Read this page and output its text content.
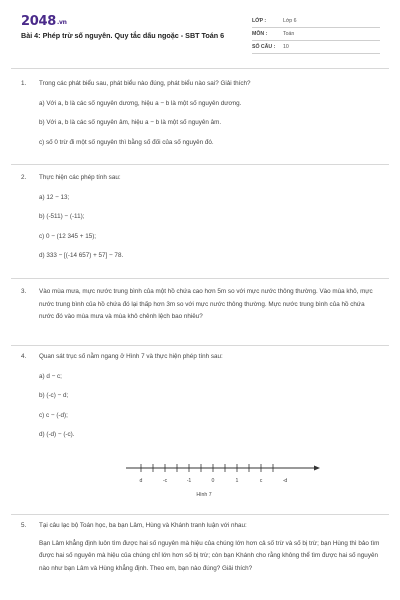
2048.vn
Bài 4: Phép trừ số nguyên. Quy tắc dấu ngoặc - SBT Toán 6
LỚP :	Lớp 6
MÔN :	Toán
SỐ CÂU : 10
1. Trong các phát biểu sau, phát biểu nào đúng, phát biểu nào sai? Giải thích?
a) Với a, b là các số nguyên dương, hiệu a − b là một số nguyên dương.
b) Với a, b là các số nguyên âm, hiệu a − b là một số nguyên âm.
c) số 0 trừ đi một số nguyên thì bằng số đối của số nguyên đó.
2. Thực hiện các phép tính sau:
a) 12 − 13;
b) (-511) − (-11);
c) 0 − (12 345 + 15);
d) 333 − [(-14 657) + 57] − 78.
3. Vào mùa mưa, mực nước trung bình của một hồ chứa cao hơn 5m so với mực nước thông thường. Vào mùa khô, mực nước trung bình của hồ chứa đó lại thấp hơn 3m so với mực nước thông thường. Mực nước trung bình của hồ chứa nước đó vào mùa mưa và mùa khô chênh lệch bao nhiêu?
4. Quan sát trục số nằm ngang ở Hình 7 và thực hiện phép tính sau:
a) d − c;
b) (-c) − d;
c) c − (-d);
d) (-d) − (-c).
d	-c	-1	0	1	c	-d
Hình 7
5. Tại câu lạc bộ Toán học, ba bạn Lâm, Hùng và Khánh tranh luận với nhau:
Bạn Lâm khẳng định luôn tìm được hai số nguyên mà hiệu của chúng lớn hơn cả số trừ và số bị trừ; bạn Hùng thì bảo tìm được hai số nguyên mà hiệu của chúng chỉ lớn hơn số bị trừ; còn bạn Khánh cho rằng không thể tìm được hai số nguyên nào như bạn Lâm và Hùng khẳng định. Theo em, bạn nào đúng? Giải thích?
